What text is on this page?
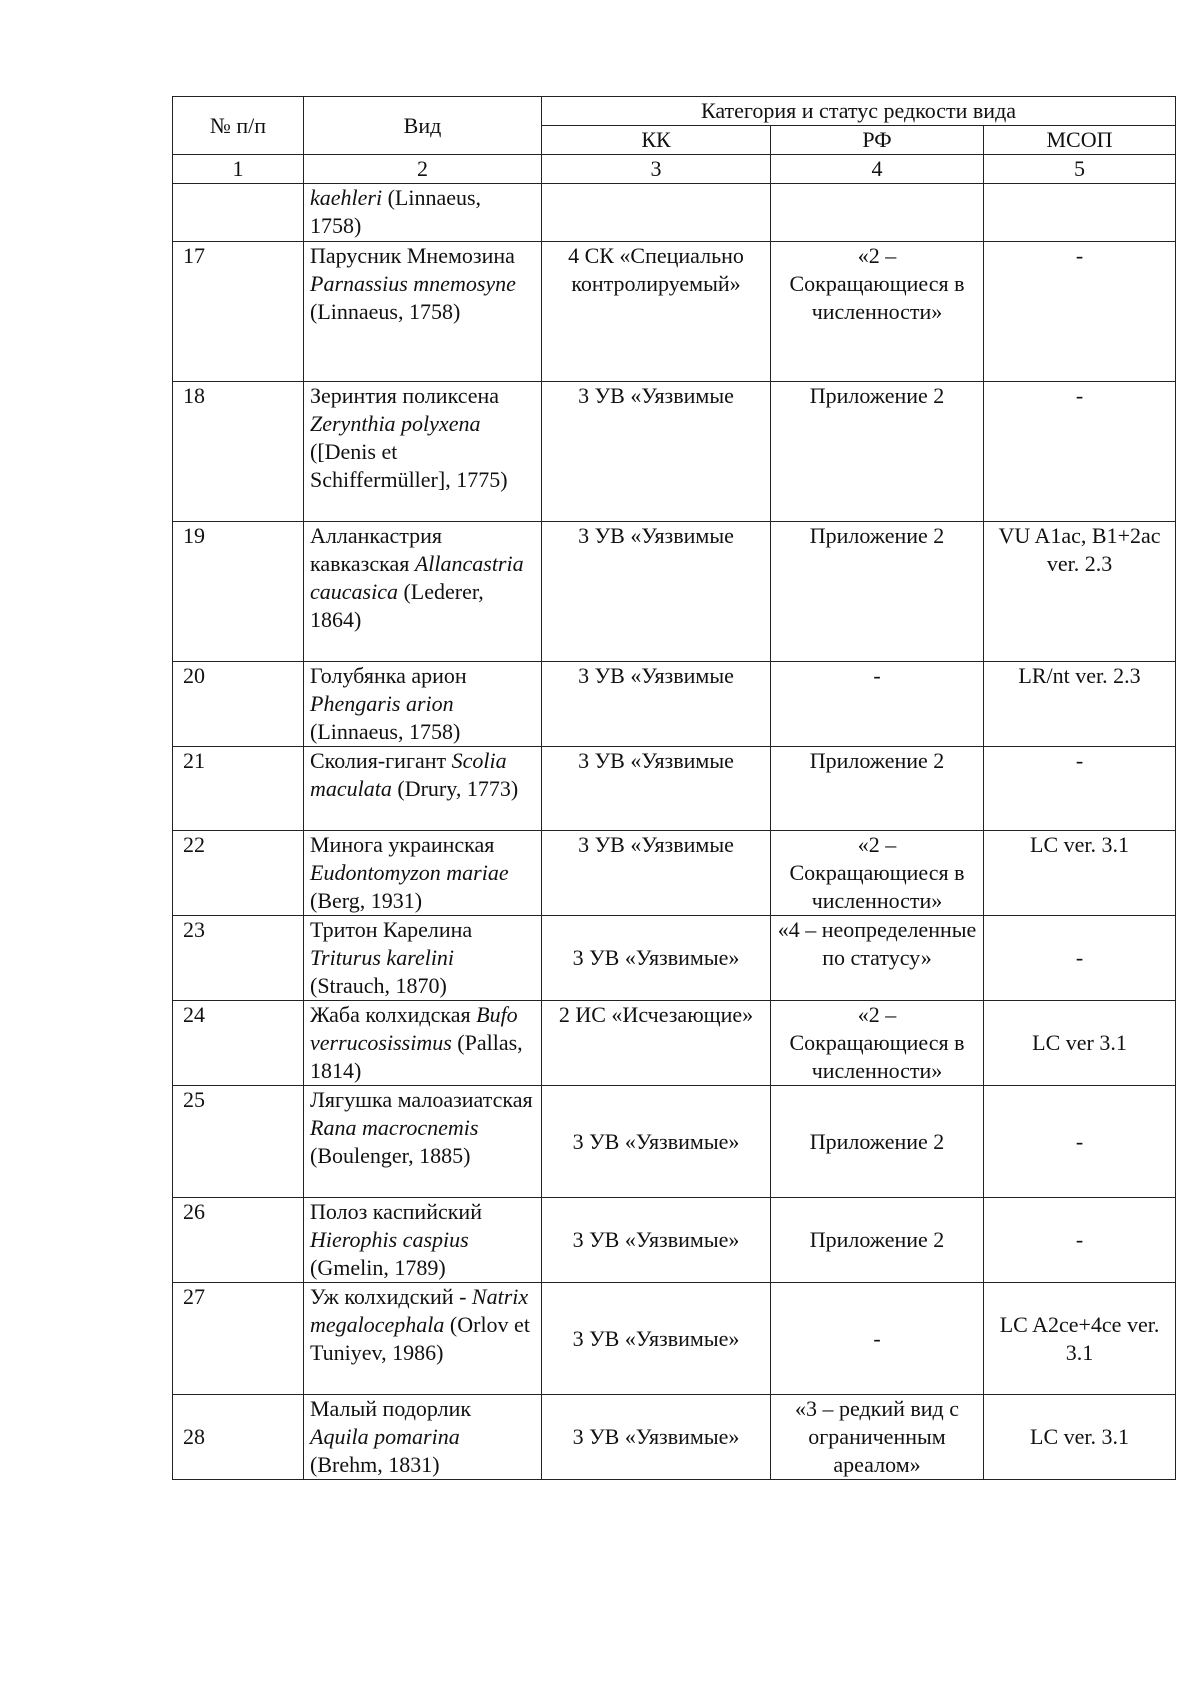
№ п/п	Вид	Категория и статус редкости вида		
		КК	РФ	МСОП
1	2	3	4	5
	kaehleri (Linnaeus, 1758)			
17	Парусник Мнемозина Parnassius mnemosyne (Linnaeus, 1758)	4 СК «Специально контролируемый»	«2 – Сокращающиеся в численности»	-
18	Зеринтия поликсена Zerynthia polyxena ([Denis et Schiffermüller], 1775)	3 УВ «Уязвимые	Приложение 2	-
19	Алланкастрия кавказская Allancastria caucasica (Lederer, 1864)	3 УВ «Уязвимые	Приложение 2	VU A1ac, B1+2ac ver. 2.3
20	Голубянка арион Phengaris arion (Linnaeus, 1758)	3 УВ «Уязвимые	-	LR/nt ver. 2.3
21	Сколия-гигант Scolia maculata (Drury, 1773)	3 УВ «Уязвимые	Приложение 2	-
22	Минога украинская Eudontomyzon mariae (Berg, 1931)	3 УВ «Уязвимые	«2 – Сокращающиеся в численности»	LC ver. 3.1
23	Тритон Карелина Triturus karelini (Strauch, 1870)	3 УВ «Уязвимые»	«4 – неопределенные по статусу»	-
24	Жаба колхидская Bufo verrucosissimus (Pallas, 1814)	2 ИС «Исчезающие»	«2 – Сокращающиеся в численности»	LC ver 3.1
25	Лягушка малоазиатская Rana macrocnemis (Boulenger, 1885)	3 УВ «Уязвимые»	Приложение 2	-
26	Полоз каспийский Hierophis caspius (Gmelin, 1789)	3 УВ «Уязвимые»	Приложение 2	-
27	Уж колхидский - Natrix megalocephala (Orlov et Tuniyev, 1986)	3 УВ «Уязвимые»	-	LC A2ce+4ce ver. 3.1
28	Малый подорлик Aquila pomarina (Brehm, 1831)	3 УВ «Уязвимые»	«3 – редкий вид с ограниченным ареалом»	LC ver. 3.1
